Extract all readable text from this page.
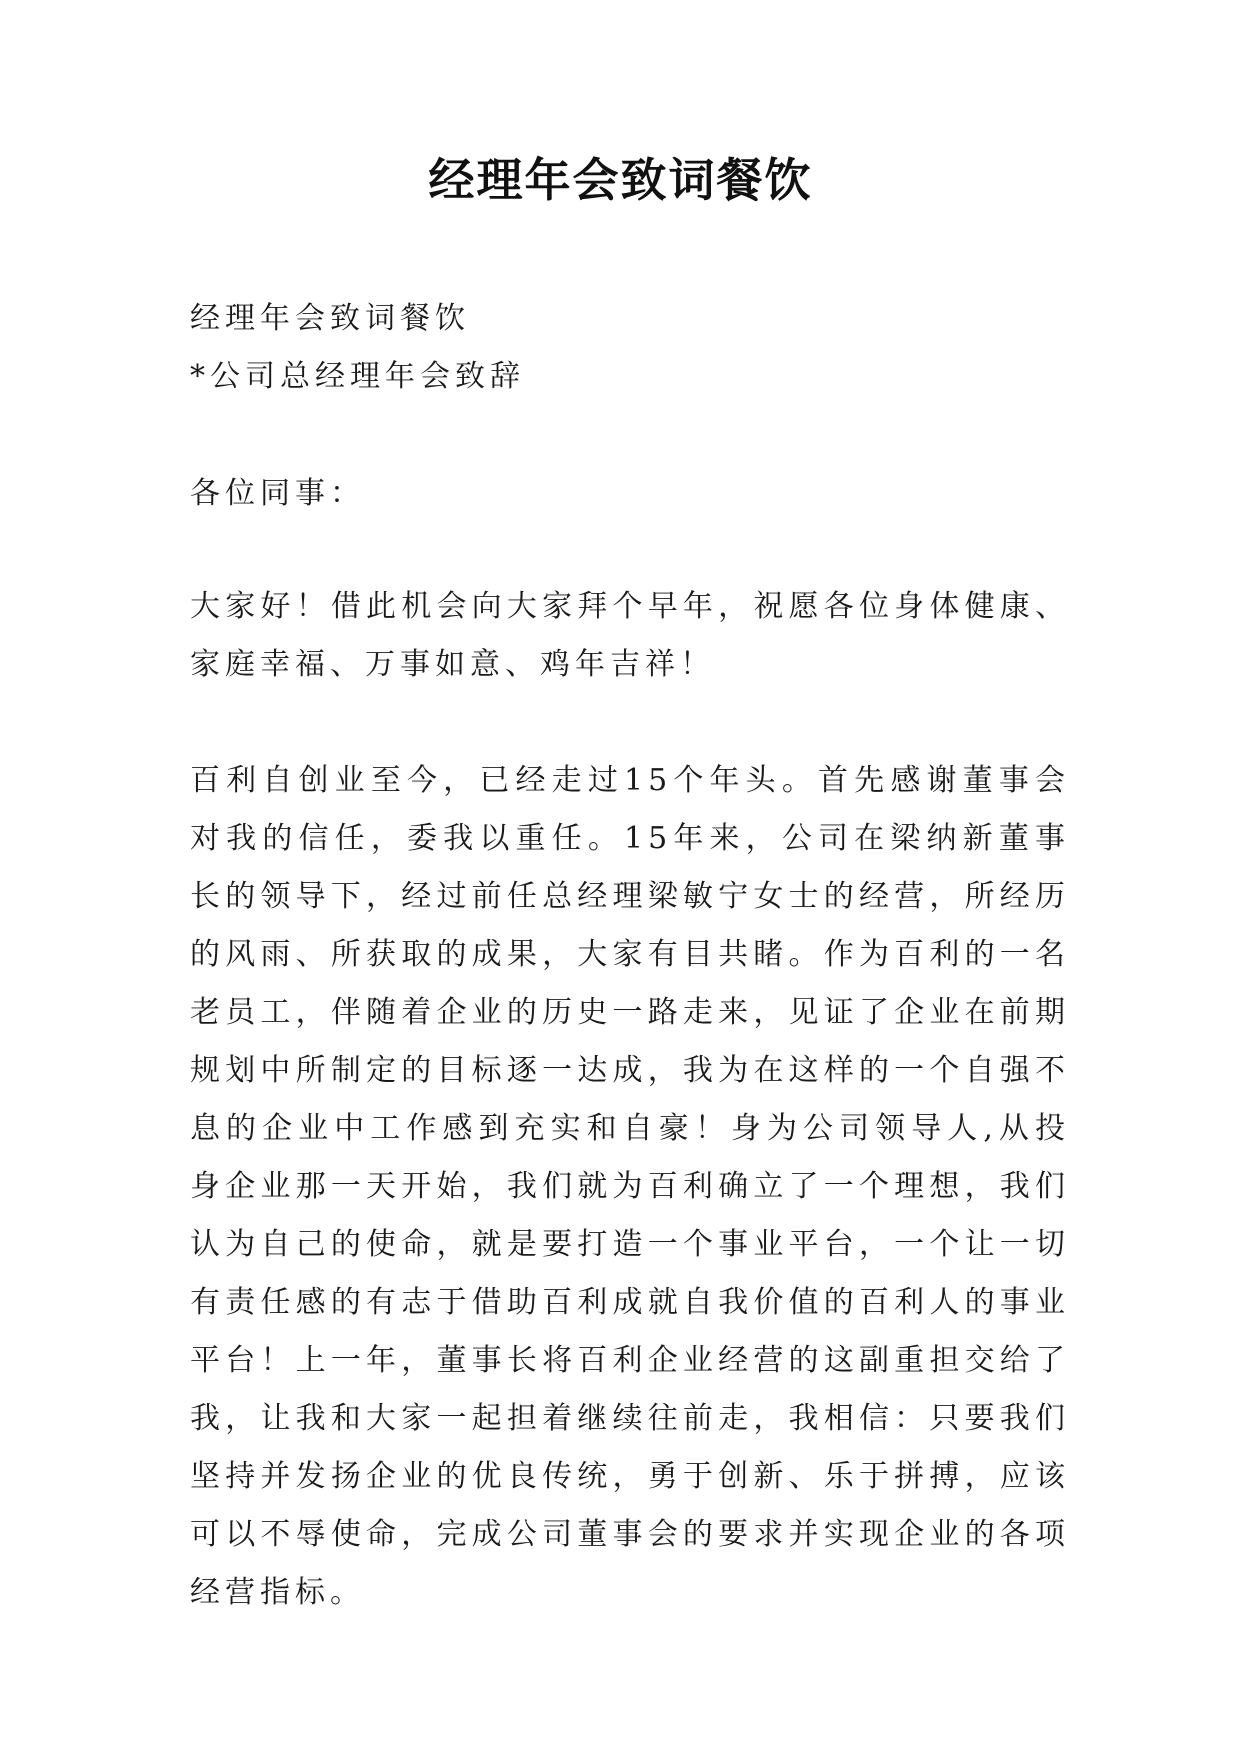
经理年会致词餐饮
经理年会致词餐饮
*公司总经理年会致辞

各位同事：

大家好！借此机会向大家拜个早年，祝愿各位身体健康、家庭幸福、万事如意、鸡年吉祥！

百利自创业至今，已经走过15个年头。首先感谢董事会对我的信任，委我以重任。15年来，公司在梁纳新董事长的领导下，经过前任总经理梁敏宁女士的经营，所经历的风雨、所获取的成果，大家有目共睹。作为百利的一名老员工，伴随着企业的历史一路走来，见证了企业在前期规划中所制定的目标逐一达成，我为在这样的一个自强不息的企业中工作感到充实和自豪！身为公司领导人,从投身企业那一天开始，我们就为百利确立了一个理想，我们认为自己的使命，就是要打造一个事业平台，一个让一切有责任感的有志于借助百利成就自我价值的百利人的事业平台！上一年，董事长将百利企业经营的这副重担交给了我，让我和大家一起担着继续往前走，我相信：只要我们坚持并发扬企业的优良传统，勇于创新、乐于拼搏，应该可以不辱使命，完成公司董事会的要求并实现企业的各项经营指标。
